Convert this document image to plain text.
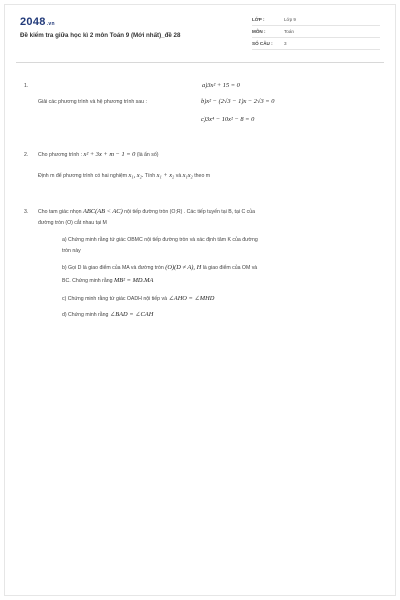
2048.vn
Đề kiểm tra giữa học kì 2 môn Toán 9 (Mới nhất)_đề 28
LỚP :	Lớp 9
MÔN :	Toán
SỐ CÂU :	3
1.	a)3x² + 15 = 0
Giải các phương trình và hệ phương trình sau :	b)x² − (2√3 − 1)x − 2√3 = 0
c)3x⁴ − 10x² − 8 = 0
2. Cho phương trình : x² + 3x + m − 1 = 0 (là ẩn số)
Định m để phương trình có hai nghiệm x₁, x₂. Tính x₁ + x₂ và x₁x₂ theo m
3. Cho tam giác nhọn ABC(AB < AC) nội tiếp đường tròn (O;R) . Các tiếp tuyến tại B, tại C của
đường tròn (O) cắt nhau tại M
a) Chứng minh rằng tứ giác OBMC nội tiếp đường tròn và xác định tâm K của đường
tròn này
b) Gọi D là giao điểm của MA và đường tròn (O)(D ≠ A), H là giao điểm của OM và
BC. Chứng minh rằng MB² = MD.MA
c) Chứng minh rằng tứ giác OADH nội tiếp và ∠AHO = ∠MHD
d) Chứng minh rằng ∠BAD = ∠CAH
